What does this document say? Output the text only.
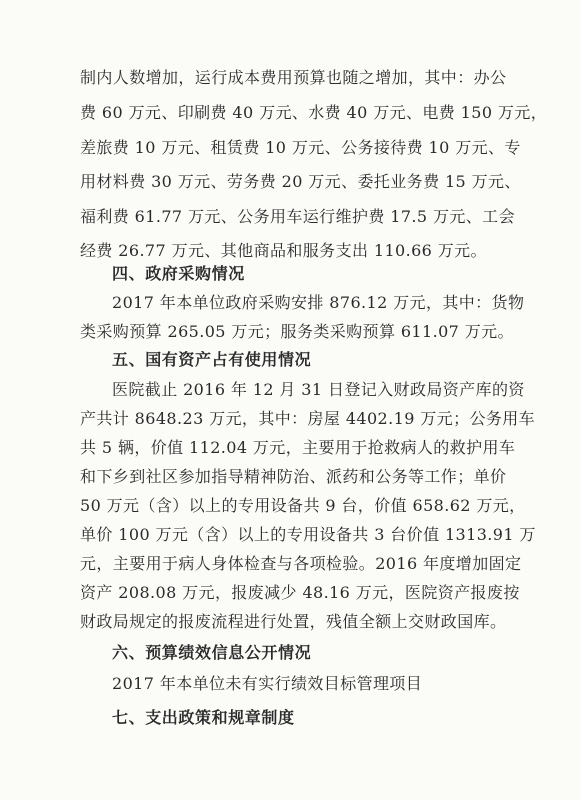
制内人数增加，运行成本费用预算也随之增加，其中：办公
费 60 万元、印刷费 40 万元、水费 40 万元、电费 150 万元，
差旅费 10 万元、租赁费 10 万元、公务接待费 10 万元、专
用材料费 30 万元、劳务费 20 万元、委托业务费 15 万元、
福利费 61.77 万元、公务用车运行维护费 17.5 万元、工会
经费 26.77 万元、其他商品和服务支出 110.66 万元。
四、政府采购情况
2017 年本单位政府采购安排 876.12 万元，其中：货物
类采购预算 265.05 万元；服务类采购预算 611.07 万元。
五、国有资产占有使用情况
医院截止 2016 年 12 月 31 日登记入财政局资产库的资
产共计 8648.23 万元，其中：房屋 4402.19 万元；公务用车
共 5 辆，价值 112.04 万元，主要用于抢救病人的救护用车
和下乡到社区参加指导精神防治、派药和公务等工作；单价
50 万元（含）以上的专用设备共 9 台，价值 658.62 万元，
单价 100 万元（含）以上的专用设备共 3 台价值 1313.91 万
元，主要用于病人身体检查与各项检验。2016 年度增加固定
资产 208.08 万元，报废减少 48.16 万元，医院资产报废按
财政局规定的报废流程进行处置，残值全额上交财政国库。
六、预算绩效信息公开情况
2017 年本单位未有实行绩效目标管理项目
七、支出政策和规章制度
